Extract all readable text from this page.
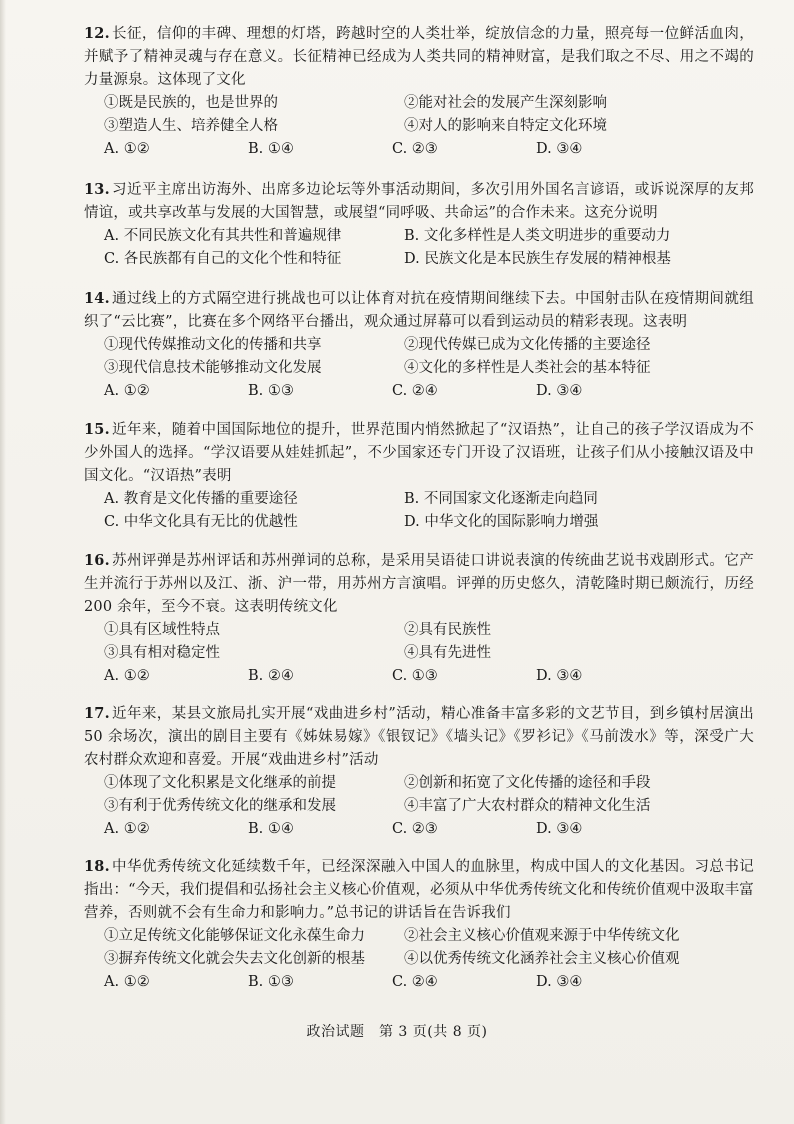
12. 长征，信仰的丰碑、理想的灯塔，跨越时空的人类壮举，绽放信念的力量，照亮每一位鲜活血肉，并赋予了精神灵魂与存在意义。长征精神已经成为人类共同的精神财富，是我们取之不尽、用之不竭的力量源泉。这体现了文化

①既是民族的，也是世界的	②能对社会的发展产生深刻影响
③塑造人生、培养健全人格	④对人的影响来自特定文化环境
A. ①②	B. ①④	C. ②③	D. ③④

13. 习近平主席出访海外、出席多边论坛等外事活动期间，多次引用外国名言谚语，或诉说深厚的友邦情谊，或共享改革与发展的大国智慧，或展望“同呼吸、共命运”的合作未来。这充分说明

A. 不同民族文化有其共性和普遍规律	B. 文化多样性是人类文明进步的重要动力
C. 各民族都有自己的文化个性和特征	D. 民族文化是本民族生存发展的精神根基

14. 通过线上的方式隔空进行挑战也可以让体育对抗在疫情期间继续下去。中国射击队在疫情期间就组织了“云比赛”，比赛在多个网络平台播出，观众通过屏幕可以看到运动员的精彩表现。这表明

①现代传媒推动文化的传播和共享	②现代传媒已成为文化传播的主要途径
③现代信息技术能够推动文化发展	④文化的多样性是人类社会的基本特征
A. ①②	B. ①③	C. ②④	D. ③④

15. 近年来，随着中国国际地位的提升，世界范围内悄然掀起了“汉语热”，让自己的孩子学汉语成为不少外国人的选择。“学汉语要从娃娃抓起”，不少国家还专门开设了汉语班，让孩子们从小接触汉语及中国文化。“汉语热”表明

A. 教育是文化传播的重要途径	B. 不同国家文化逐渐走向趋同
C. 中华文化具有无比的优越性	D. 中华文化的国际影响力增强

16. 苏州评弹是苏州评话和苏州弹词的总称，是采用吴语徒口讲说表演的传统曲艺说书戏剧形式。它产生并流行于苏州以及江、浙、沪一带，用苏州方言演唱。评弹的历史悠久，清乾隆时期已颇流行，历经 200 余年，至今不衰。这表明传统文化

①具有区域性特点	②具有民族性
③具有相对稳定性	④具有先进性
A. ①②	B. ②④	C. ①③	D. ③④

17. 近年来，某县文旅局扎实开展“戏曲进乡村”活动，精心准备丰富多彩的文艺节目，到乡镇村居演出 50 余场次，演出的剧目主要有《姊妹易嫁》《银钗记》《墙头记》《罗衫记》《马前泼水》等，深受广大农村群众欢迎和喜爱。开展“戏曲进乡村”活动

①体现了文化积累是文化继承的前提	②创新和拓宽了文化传播的途径和手段
③有利于优秀传统文化的继承和发展	④丰富了广大农村群众的精神文化生活
A. ①②	B. ①④	C. ②③	D. ③④

18. 中华优秀传统文化延续数千年，已经深深融入中国人的血脉里，构成中国人的文化基因。习总书记指出：“今天，我们提倡和弘扬社会主义核心价值观，必须从中华优秀传统文化和传统价值观中汲取丰富营养，否则就不会有生命力和影响力。”总书记的讲话旨在告诉我们

①立足传统文化能够保证文化永葆生命力	②社会主义核心价值观来源于中华传统文化
③摒弃传统文化就会失去文化创新的根基	④以优秀传统文化涵养社会主义核心价值观
A. ①②	B. ①③	C. ②④	D. ③④
政治试题　第 3 页(共 8 页)
